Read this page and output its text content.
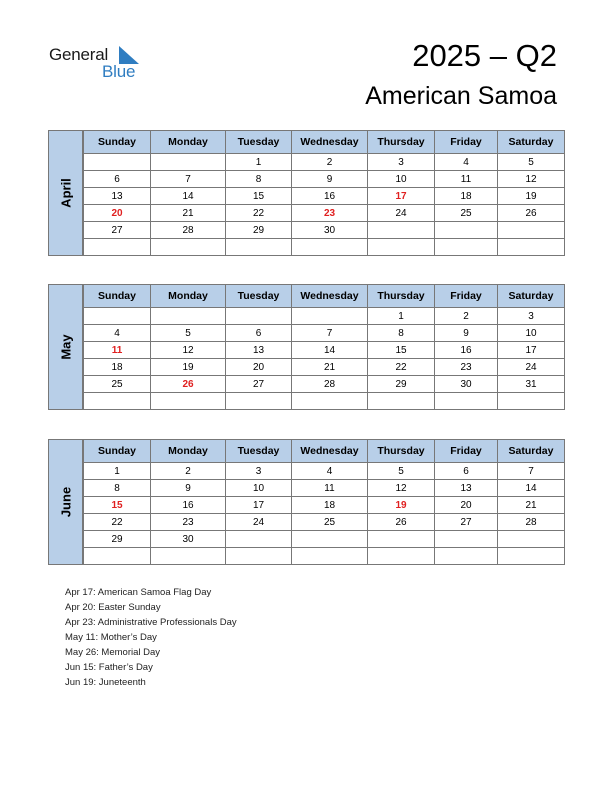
General
Blue	2025 – Q2
American Samoa
April
Sunday	Monday	Tuesday	Wednesday	Thursday	Friday	Saturday
		1	2	3	4	5
6	7	8	9	10	11	12
13	14	15	16	17	18	19
20	21	22	23	24	25	26
27	28	29	30			

May
Sunday	Monday	Tuesday	Wednesday	Thursday	Friday	Saturday
				1	2	3
4	5	6	7	8	9	10
11	12	13	14	15	16	17
18	19	20	21	22	23	24
25	26	27	28	29	30	31

June
Sunday	Monday	Tuesday	Wednesday	Thursday	Friday	Saturday
1	2	3	4	5	6	7
8	9	10	11	12	13	14
15	16	17	18	19	20	21
22	23	24	25	26	27	28
29	30					

Apr 17: American Samoa Flag Day
Apr 20: Easter Sunday
Apr 23: Administrative Professionals Day
May 11: Mother’s Day
May 26: Memorial Day
Jun 15: Father’s Day
Jun 19: Juneteenth
